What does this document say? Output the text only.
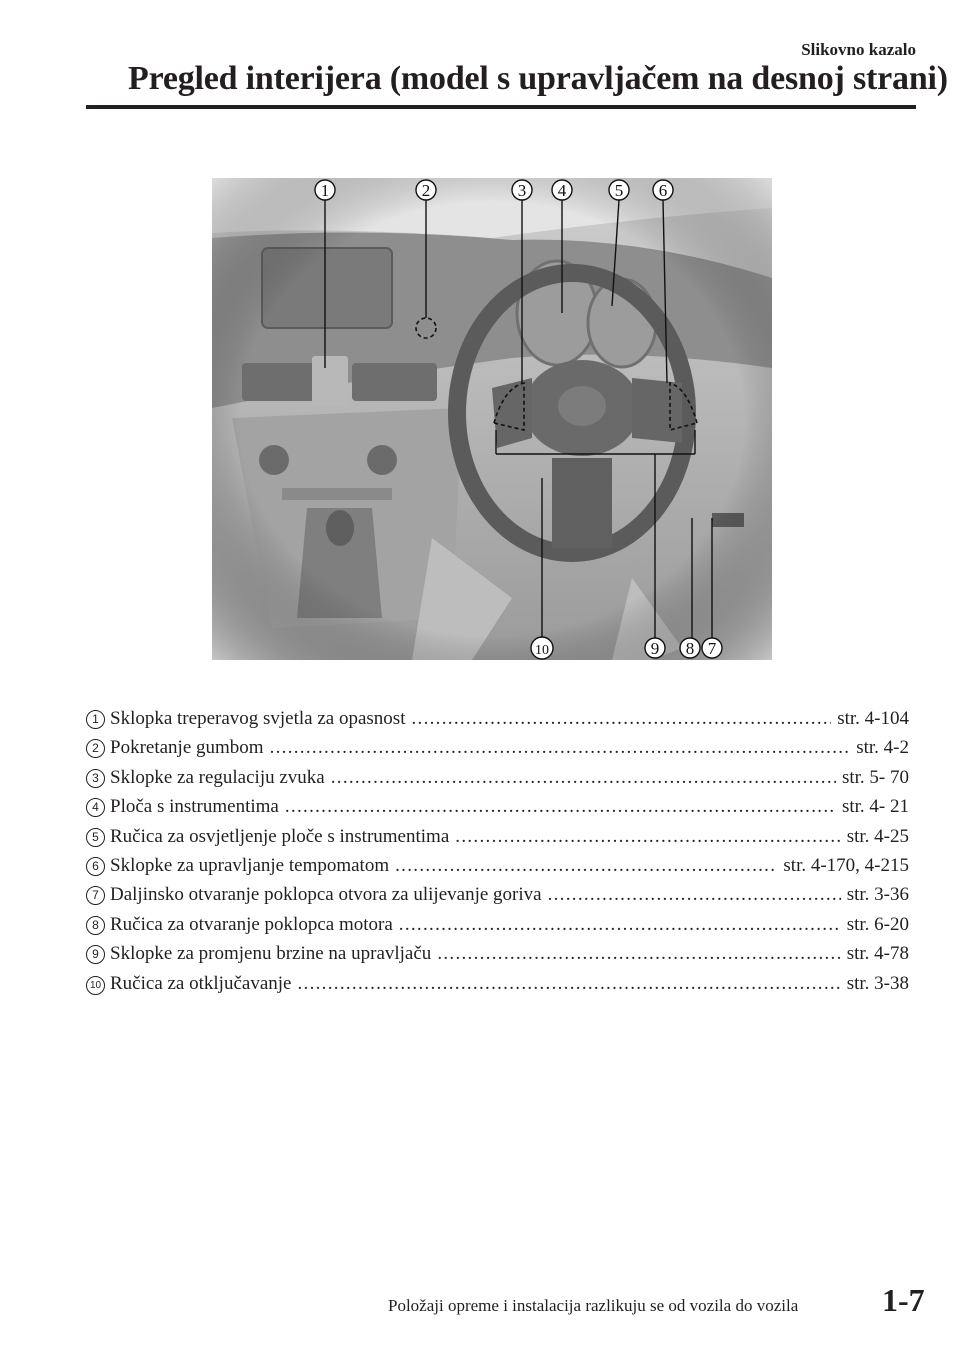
Slikovno kazalo
Pregled interijera (model s upravljačem na desnoj strani)
1	2	3 4	5 6
7
8
9
10
1 Sklopka treperavog svjetla za opasnost .....	str. 4-104
2 Pokretanje gumbom .....	str. 4-2
3 Sklopke za regulaciju zvuka .....	str. 5- 70
4 Ploča s instrumentima .....	str. 4- 21
5 Ručica za osvjetljenje ploče s instrumentima .....	str. 4-25
6 Sklopke za upravljanje tempomatom .....	str. 4-170, 4-215
7 Daljinsko otvaranje poklopca otvora za ulijevanje goriva .....	str. 3-36
8 Ručica za otvaranje poklopca motora .....	str. 6-20
9 Sklopke za promjenu brzine na upravljaču .....	str. 4-78
10 Ručica za otključavanje .....	str. 3-38
Položaji opreme i instalacija razlikuju se od vozila do vozila	1-7
